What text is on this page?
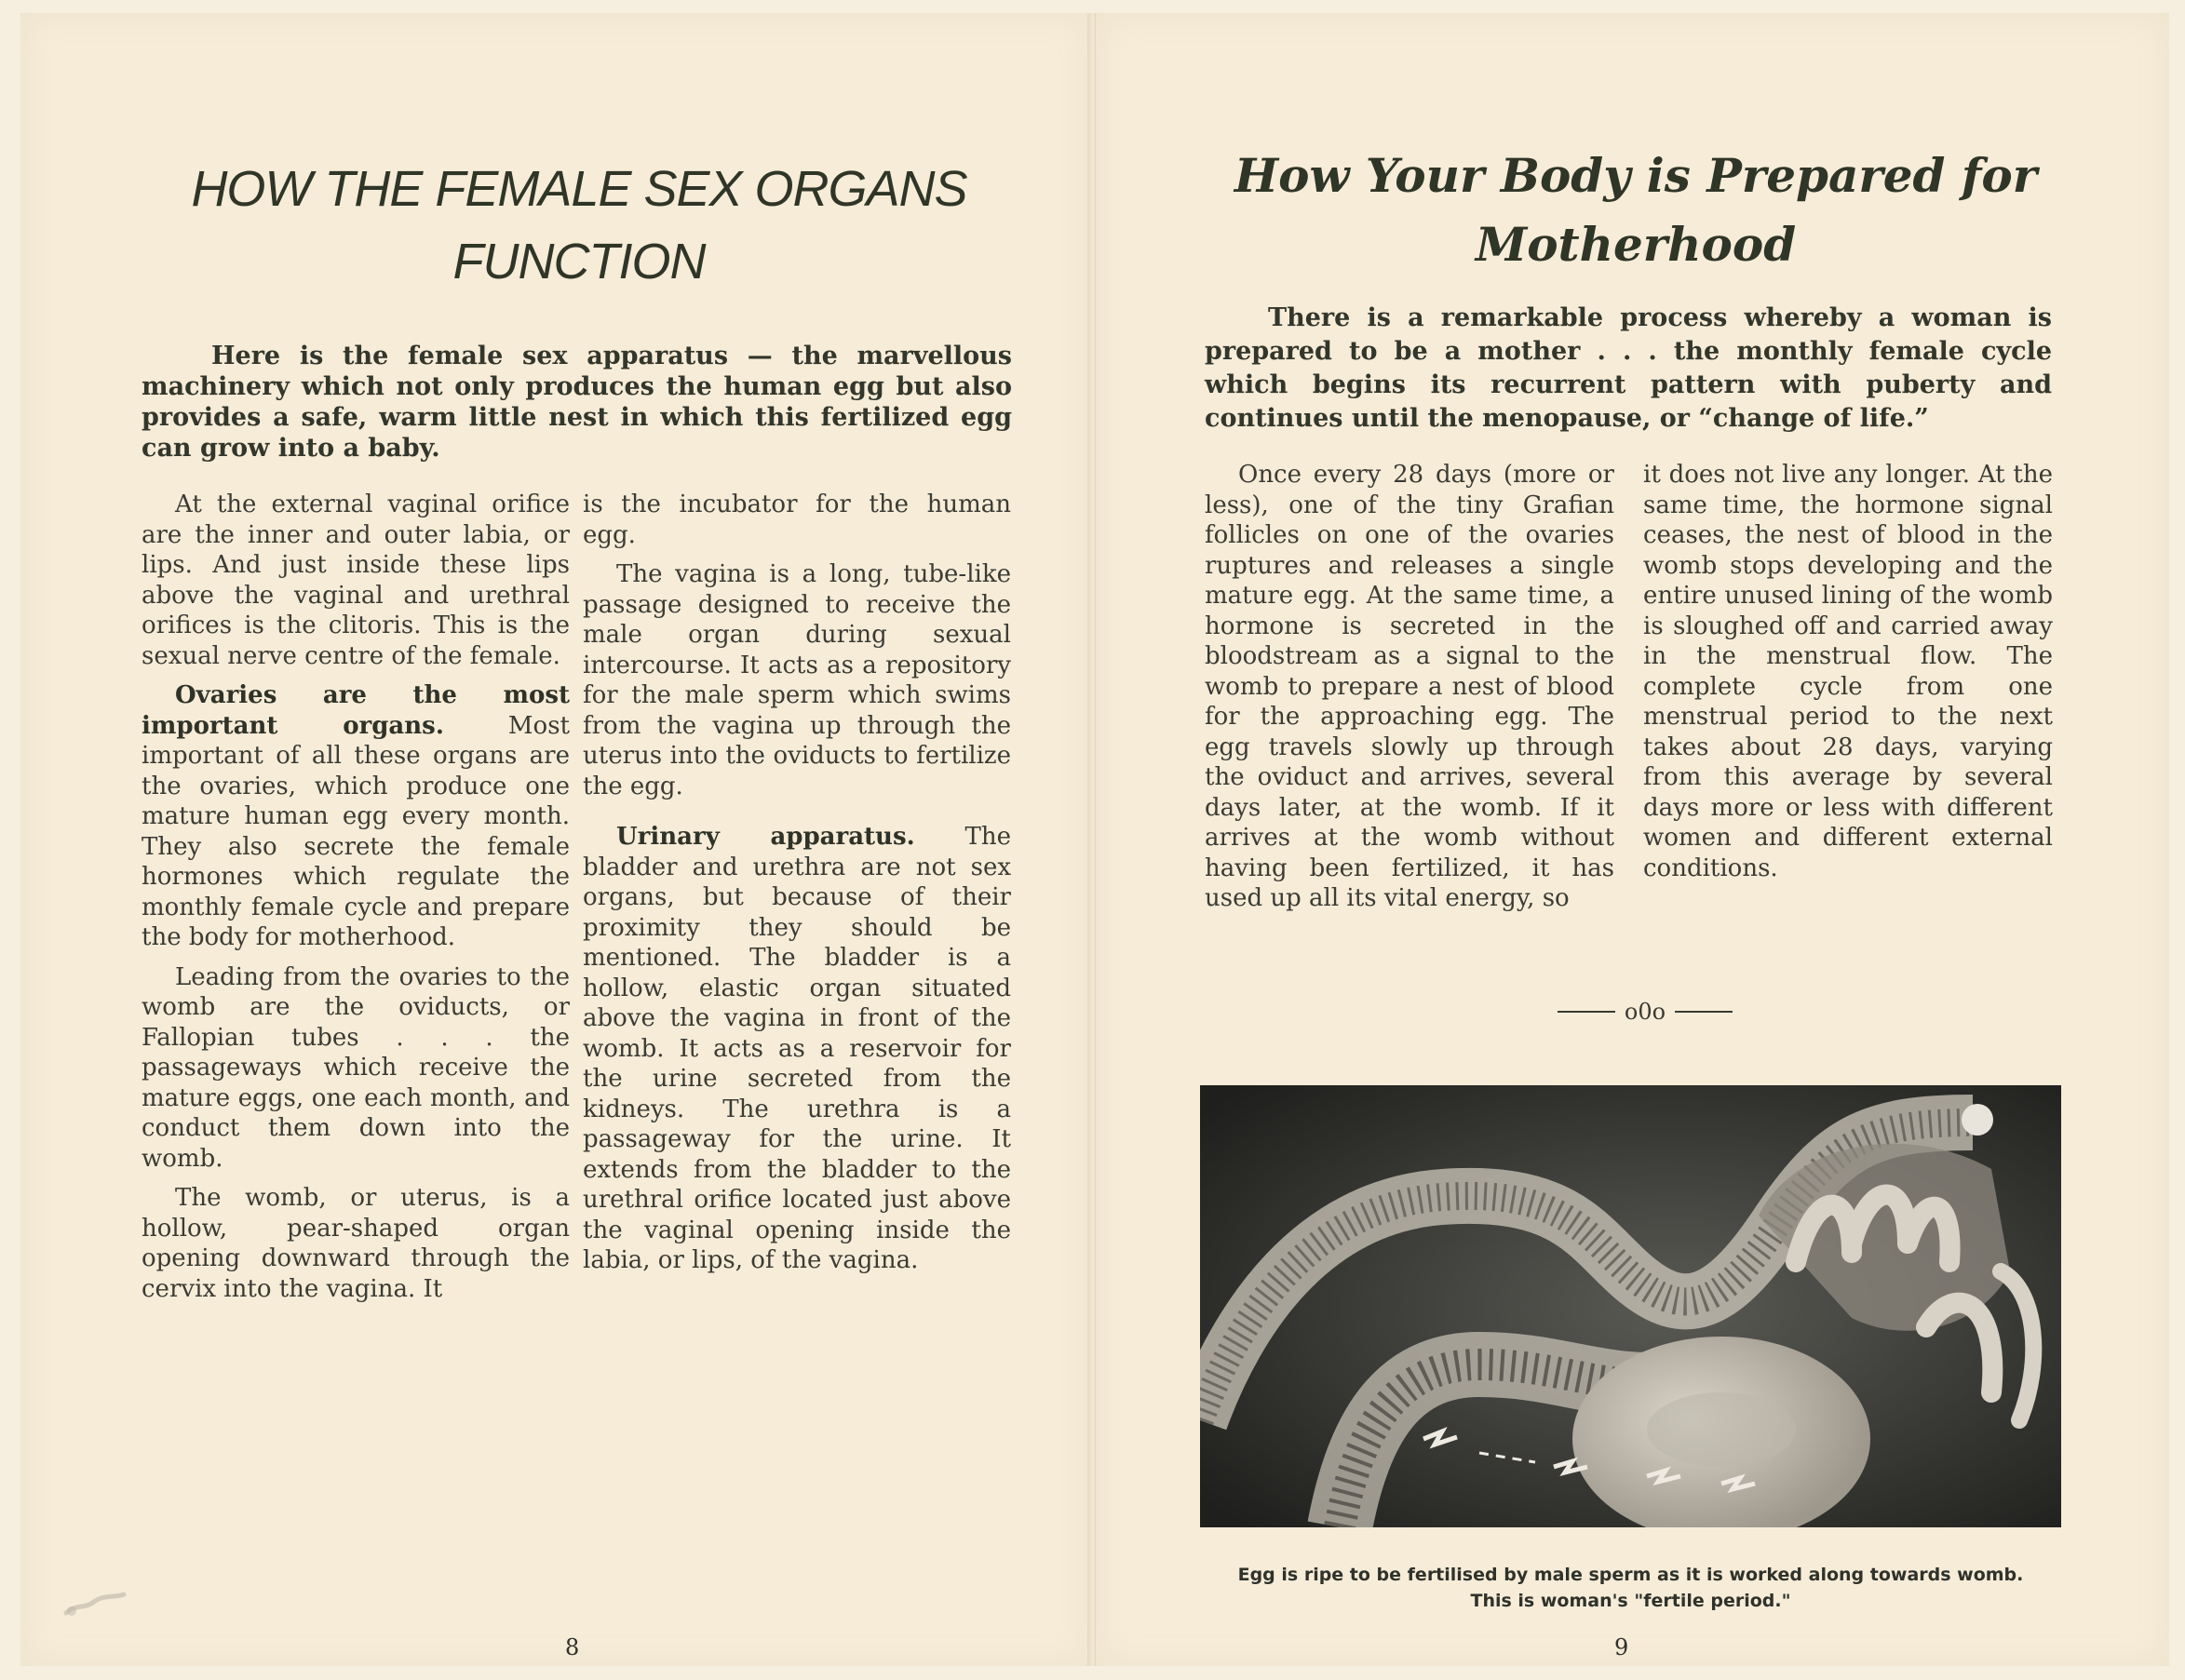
HOW THE FEMALE SEX ORGANS
FUNCTION
Here is the female sex apparatus — the marvellous machinery which not only produces the human egg but also provides a safe, warm little nest in which this fertilized egg can grow into a baby.

At the external vaginal orifice are the inner and outer labia, or lips. And just inside these lips above the vaginal and urethral orifices is the clitoris. This is the sexual nerve centre of the female.

Ovaries are the most important organs. Most important of all these organs are the ovaries, which produce one mature human egg every month. They also secrete the female hormones which regulate the monthly female cycle and prepare the body for motherhood.

Leading from the ovaries to the womb are the oviducts, or Fallopian tubes . . . the passageways which receive the mature eggs, one each month, and conduct them down into the womb.

The womb, or uterus, is a hollow, pear-shaped organ opening downward through the cervix into the vagina. It

is the incubator for the human egg.

The vagina is a long, tube-like passage designed to receive the male organ during sexual intercourse. It acts as a repository for the male sperm which swims from the vagina up through the uterus into the oviducts to fertilize the egg.

Urinary apparatus. The bladder and urethra are not sex organs, but because of their proximity they should be mentioned. The bladder is a hollow, elastic organ situated above the vagina in front of the womb. It acts as a reservoir for the urine secreted from the kidneys. The urethra is a passageway for the urine. It extends from the bladder to the urethral orifice located just above the vaginal opening inside the labia, or lips, of the vagina.

8
How Your Body is Prepared for
Motherhood
There is a remarkable process whereby a woman is prepared to be a mother . . . the monthly female cycle which begins its recurrent pattern with puberty and continues until the menopause, or “change of life.”

Once every 28 days (more or less), one of the tiny Grafian follicles on one of the ovaries ruptures and releases a single mature egg. At the same time, a hormone is secreted in the bloodstream as a signal to the womb to prepare a nest of blood for the approaching egg. The egg travels slowly up through the oviduct and arrives, several days later, at the womb. If it arrives at the womb without having been fertilized, it has used up all its vital energy, so

it does not live any longer. At the same time, the hormone signal ceases, the nest of blood in the womb stops developing and the entire unused lining of the womb is sloughed off and carried away in the menstrual flow. The complete cycle from one menstrual period to the next takes about 28 days, varying from this average by several days more or less with different women and different external conditions.

o0o
Egg is ripe to be fertilised by male sperm as it is worked along towards womb.
This is woman's "fertile period."
9
